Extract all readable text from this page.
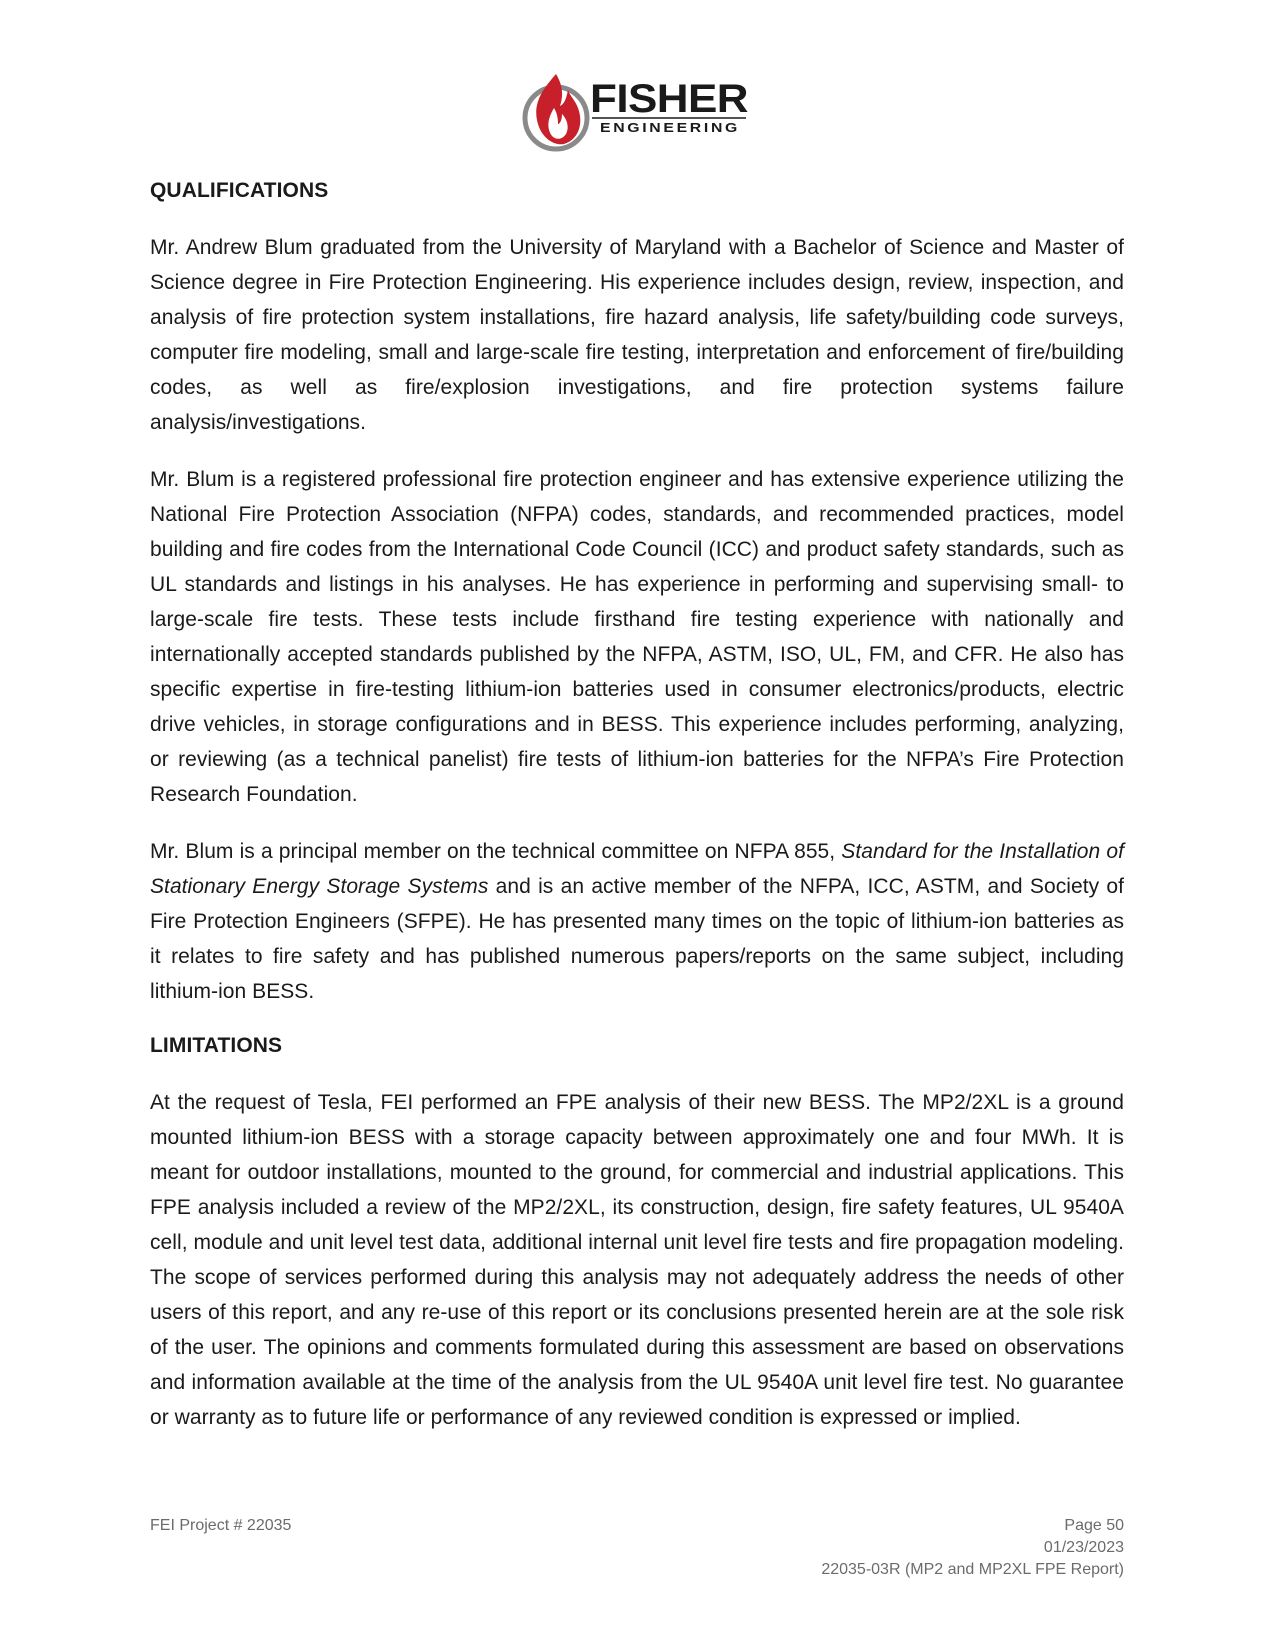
FISHER
ENGINEERING
QUALIFICATIONS

Mr. Andrew Blum graduated from the University of Maryland with a Bachelor of Science and Master of Science degree in Fire Protection Engineering. His experience includes design, review, inspection, and analysis of fire protection system installations, fire hazard analysis, life safety/building code surveys, computer fire modeling, small and large-scale fire testing, interpretation and enforcement of fire/building codes, as well as fire/explosion investigations, and fire protection systems failure analysis/investigations.

Mr. Blum is a registered professional fire protection engineer and has extensive experience utilizing the National Fire Protection Association (NFPA) codes, standards, and recommended practices, model building and fire codes from the International Code Council (ICC) and product safety standards, such as UL standards and listings in his analyses. He has experience in performing and supervising small- to large-scale fire tests. These tests include firsthand fire testing experience with nationally and internationally accepted standards published by the NFPA, ASTM, ISO, UL, FM, and CFR. He also has specific expertise in fire-testing lithium-ion batteries used in consumer electronics/products, electric drive vehicles, in storage configurations and in BESS. This experience includes performing, analyzing, or reviewing (as a technical panelist) fire tests of lithium-ion batteries for the NFPA’s Fire Protection Research Foundation.

Mr. Blum is a principal member on the technical committee on NFPA 855, Standard for the Installation of Stationary Energy Storage Systems and is an active member of the NFPA, ICC, ASTM, and Society of Fire Protection Engineers (SFPE). He has presented many times on the topic of lithium-ion batteries as it relates to fire safety and has published numerous papers/reports on the same subject, including lithium-ion BESS.

LIMITATIONS

At the request of Tesla, FEI performed an FPE analysis of their new BESS. The MP2/2XL is a ground mounted lithium-ion BESS with a storage capacity between approximately one and four MWh. It is meant for outdoor installations, mounted to the ground, for commercial and industrial applications. This FPE analysis included a review of the MP2/2XL, its construction, design, fire safety features, UL 9540A cell, module and unit level test data, additional internal unit level fire tests and fire propagation modeling. The scope of services performed during this analysis may not adequately address the needs of other users of this report, and any re-use of this report or its conclusions presented herein are at the sole risk of the user. The opinions and comments formulated during this assessment are based on observations and information available at the time of the analysis from the UL 9540A unit level fire test. No guarantee or warranty as to future life or performance of any reviewed condition is expressed or implied.

FEI Project # 22035	Page 50
01/23/2023
22035-03R (MP2 and MP2XL FPE Report)
